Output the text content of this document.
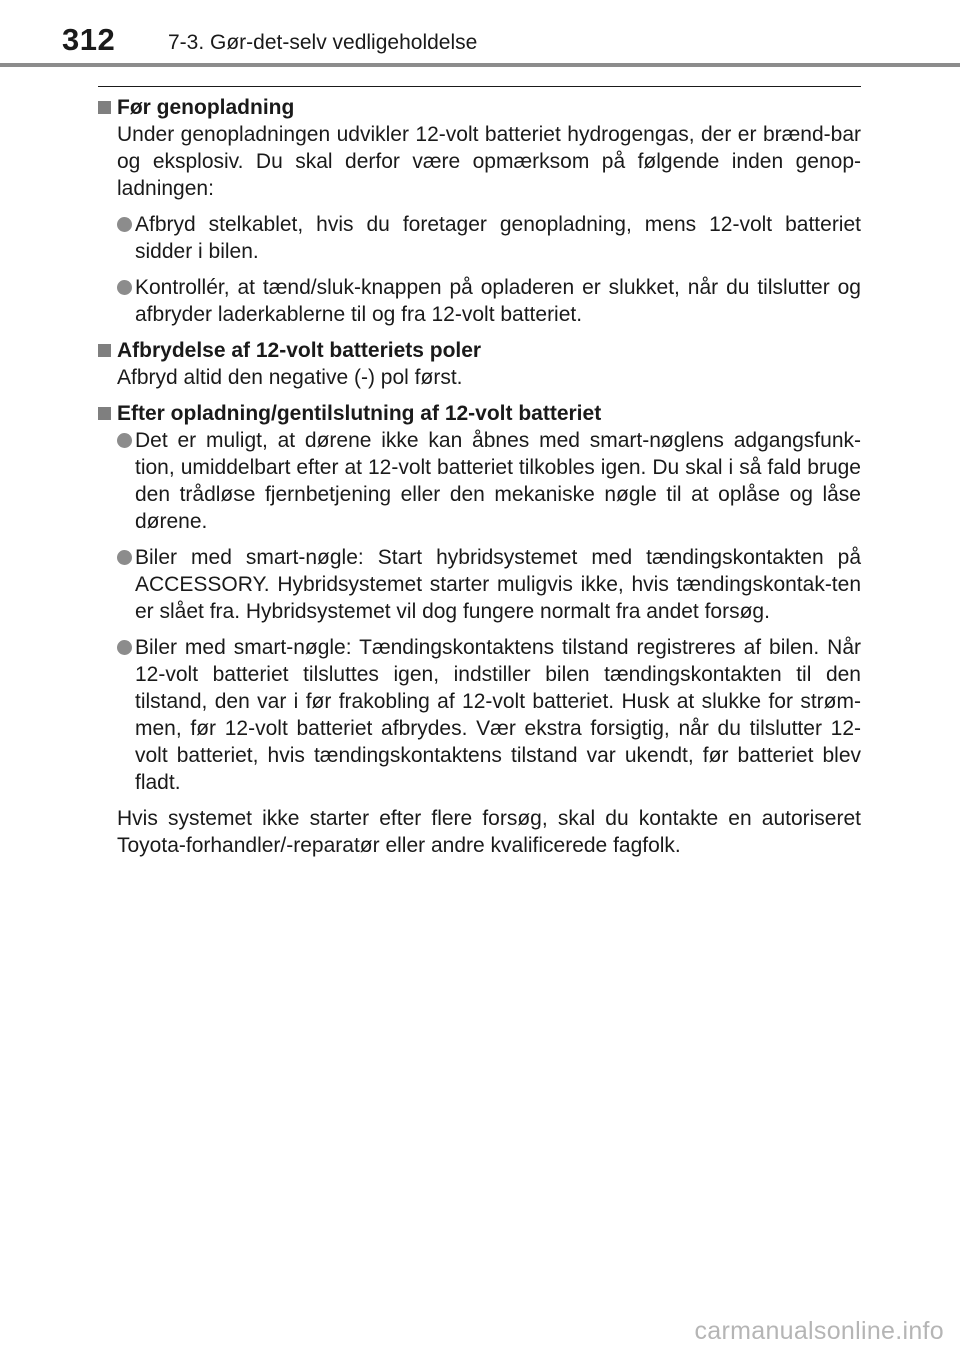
312	7-3. Gør-det-selv vedligeholdelse
Før genopladning
Under genopladningen udvikler 12-volt batteriet hydrogengas, der er brænd-bar og eksplosiv. Du skal derfor være opmærksom på følgende inden genop-ladningen:
Afbryd stelkablet, hvis du foretager genopladning, mens 12-volt batteriet sidder i bilen.
Kontrollér, at tænd/sluk-knappen på opladeren er slukket, når du tilslutter og afbryder laderkablerne til og fra 12-volt batteriet.
Afbrydelse af 12-volt batteriets poler
Afbryd altid den negative (-) pol først.
Efter opladning/gentilslutning af 12-volt batteriet
Det er muligt, at dørene ikke kan åbnes med smart-nøglens adgangsfunk-tion, umiddelbart efter at 12-volt batteriet tilkobles igen. Du skal i så fald bruge den trådløse fjernbetjening eller den mekaniske nøgle til at oplåse og låse dørene.
Biler med smart-nøgle: Start hybridsystemet med tændingskontakten på ACCESSORY. Hybridsystemet starter muligvis ikke, hvis tændingskontak-ten er slået fra. Hybridsystemet vil dog fungere normalt fra andet forsøg.
Biler med smart-nøgle: Tændingskontaktens tilstand registreres af bilen. Når 12-volt batteriet tilsluttes igen, indstiller bilen tændingskontakten til den tilstand, den var i før frakobling af 12-volt batteriet. Husk at slukke for strøm-men, før 12-volt batteriet afbrydes. Vær ekstra forsigtig, når du tilslutter 12-volt batteriet, hvis tændingskontaktens tilstand var ukendt, før batteriet blev fladt.
Hvis systemet ikke starter efter flere forsøg, skal du kontakte en autoriseret Toyota-forhandler/-reparatør eller andre kvalificerede fagfolk.
carmanualsonline.info
